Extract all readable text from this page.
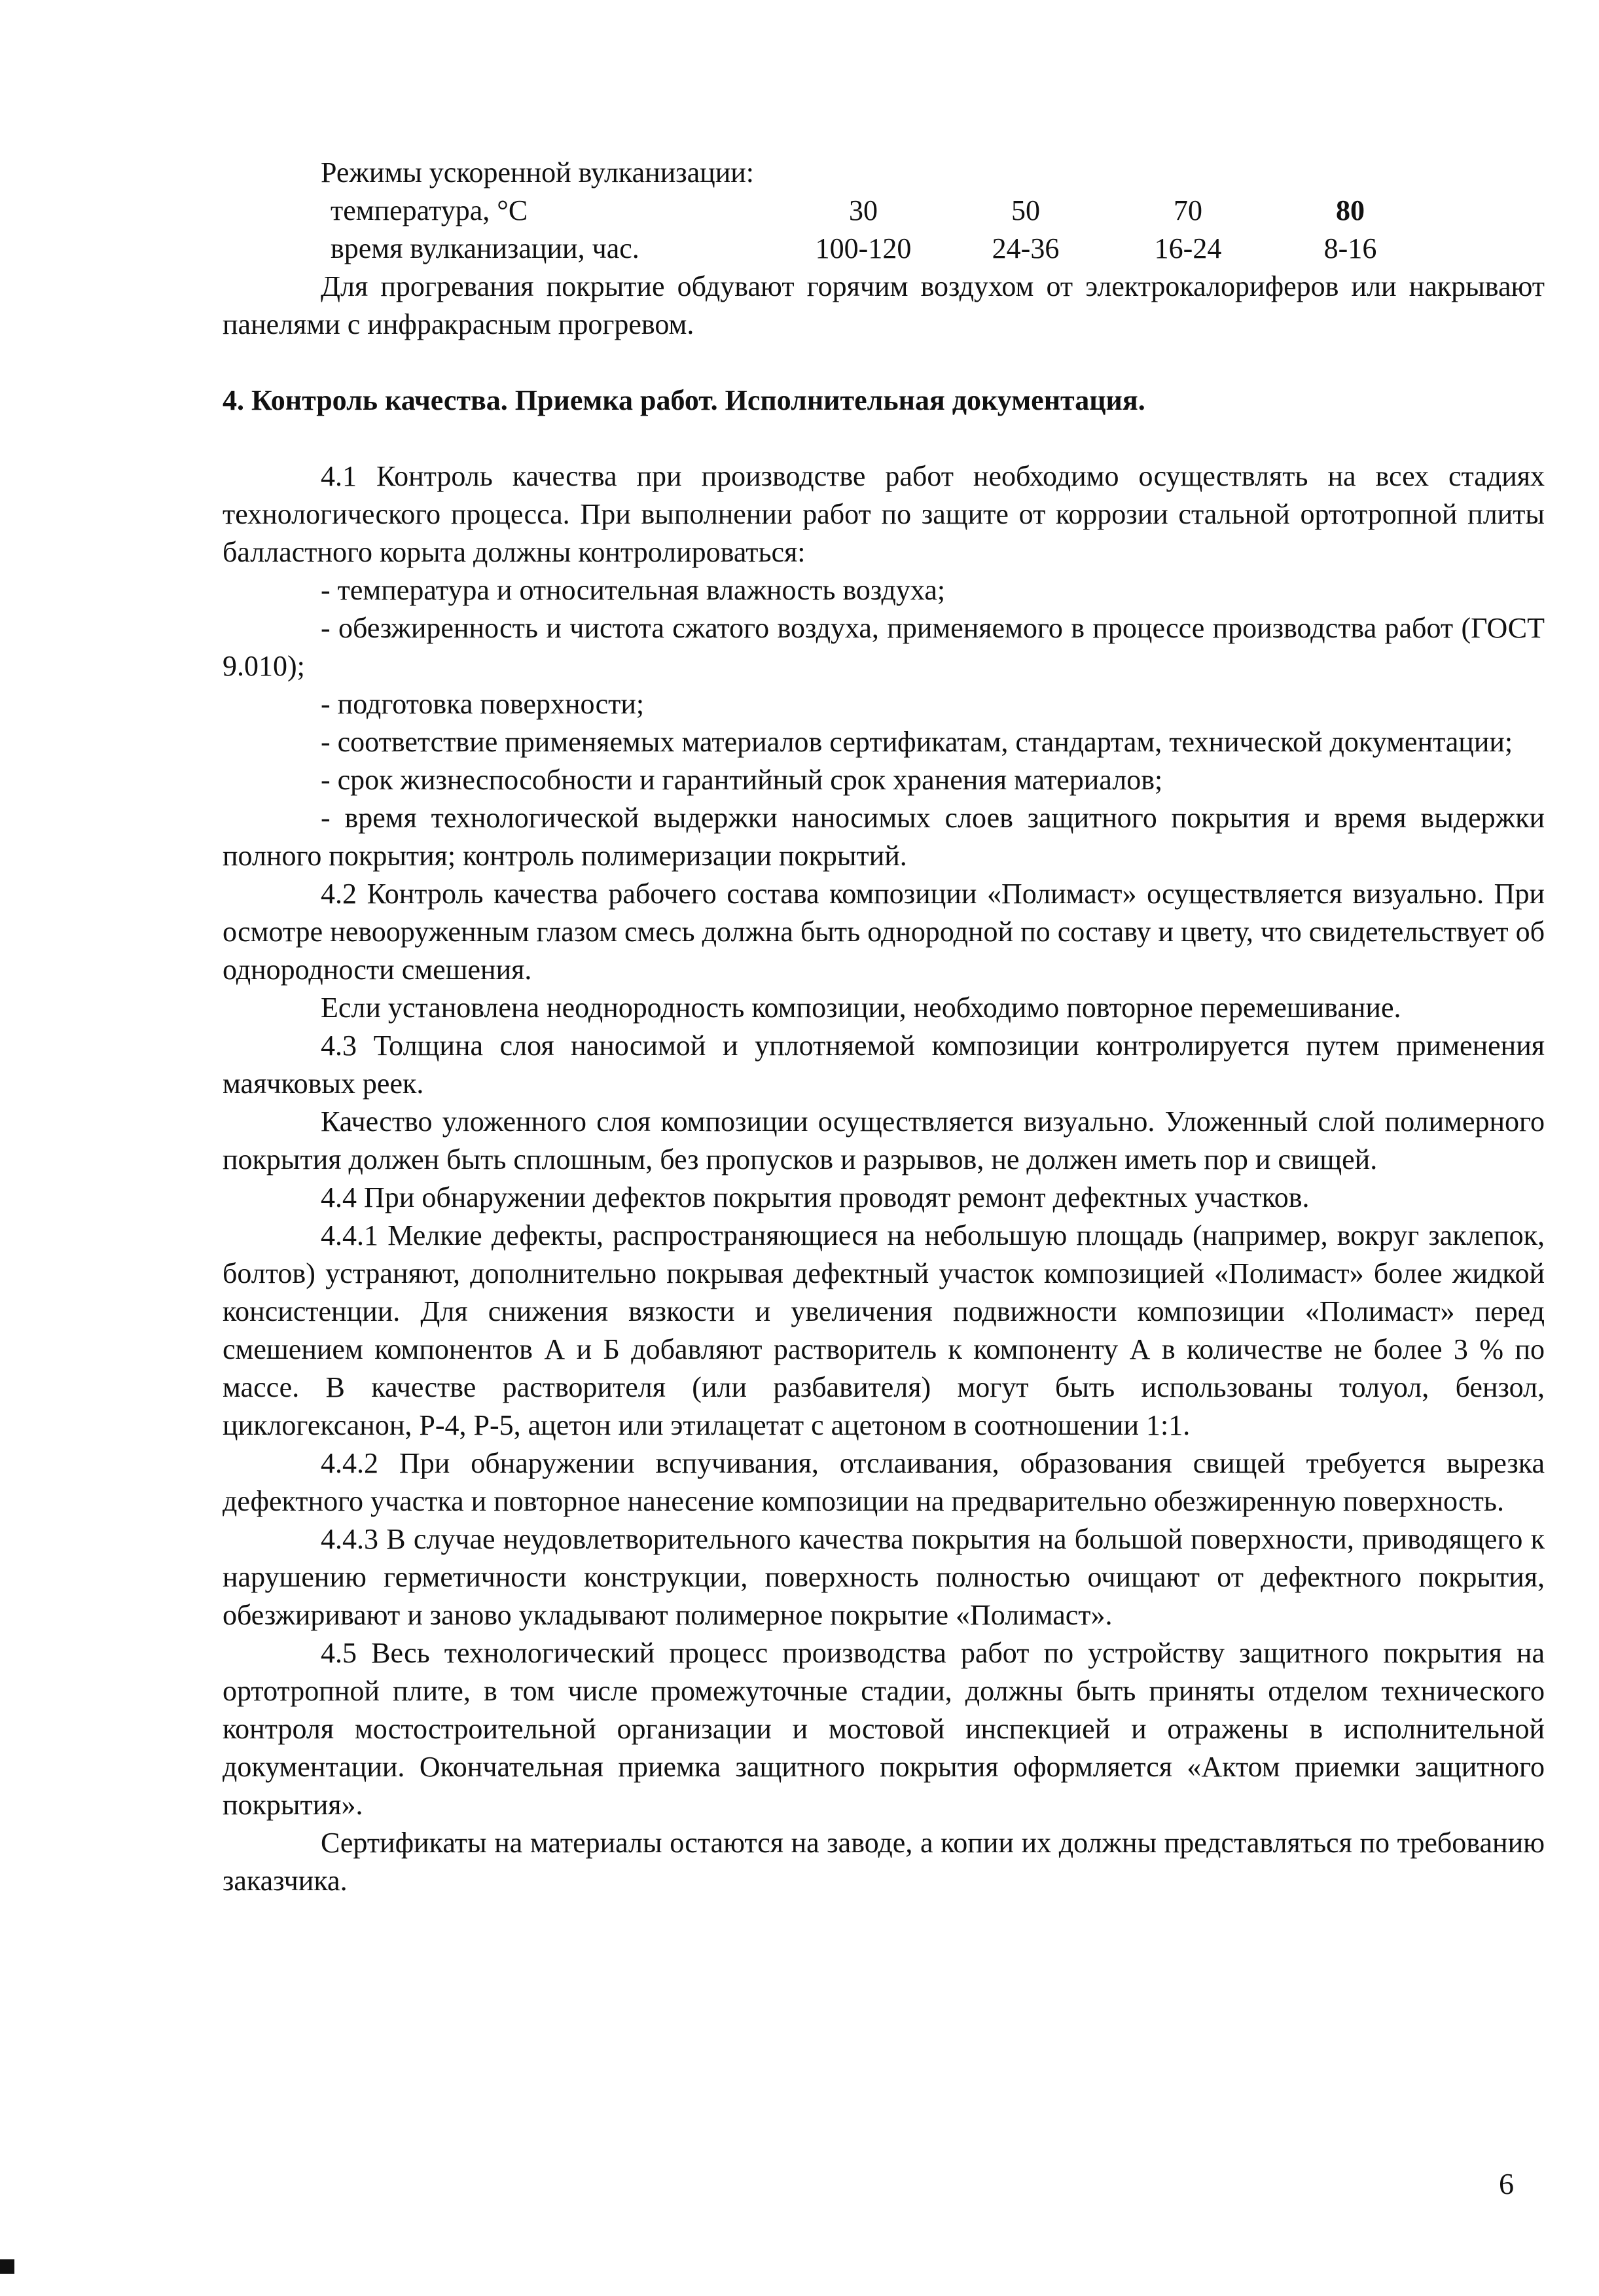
Режимы ускоренной вулканизации:

температура, °С	30	50	70	80
время вулканизации, час.	100-120	24-36	16-24	8-16

Для прогревания покрытие обдувают горячим воздухом от электрокалориферов или накрывают панелями с инфракрасным прогревом.

4. Контроль качества. Приемка работ. Исполнительная документация.

4.1 Контроль качества при производстве работ необходимо осуществлять на всех стадиях технологического процесса. При выполнении работ по защите от коррозии стальной ортотропной плиты балластного корыта должны контролироваться:

- температура и относительная влажность воздуха;

- обезжиренность и чистота сжатого воздуха, применяемого в процессе производства работ (ГОСТ 9.010);

- подготовка поверхности;

- соответствие применяемых материалов сертификатам, стандартам, технической документации;

- срок жизнеспособности и гарантийный срок хранения материалов;

- время технологической выдержки наносимых слоев защитного покрытия и время выдержки полного покрытия; контроль полимеризации покрытий.

4.2 Контроль качества рабочего состава композиции «Полимаст» осуществляется визуально. При осмотре невооруженным глазом смесь должна быть однородной по составу и цвету, что свидетельствует об однородности смешения.

Если установлена неоднородность композиции, необходимо повторное перемешивание.

4.3 Толщина слоя наносимой и уплотняемой композиции контролируется путем применения маячковых реек.

Качество уложенного слоя композиции осуществляется визуально. Уложенный слой полимерного покрытия должен быть сплошным, без пропусков и разрывов, не должен иметь пор и свищей.

4.4 При обнаружении дефектов покрытия проводят ремонт дефектных участков.

4.4.1 Мелкие дефекты, распространяющиеся на небольшую площадь (например, вокруг заклепок, болтов) устраняют, дополнительно покрывая дефектный участок композицией «Полимаст» более жидкой консистенции. Для снижения вязкости и увеличения подвижности композиции «Полимаст» перед смешением компонентов А и Б добавляют растворитель к компоненту А в количестве не более 3 % по массе. В качестве растворителя (или разбавителя) могут быть использованы толуол, бензол, циклогексанон, Р-4, Р-5, ацетон или этилацетат с ацетоном в соотношении 1:1.

4.4.2 При обнаружении вспучивания, отслаивания, образования свищей требуется вырезка дефектного участка и повторное нанесение композиции на предварительно обезжиренную поверхность.

4.4.3 В случае неудовлетворительного качества покрытия на большой поверхности, приводящего к нарушению герметичности конструкции, поверхность полностью очищают от дефектного покрытия, обезжиривают и заново укладывают полимерное покрытие «Полимаст».

4.5 Весь технологический процесс производства работ по устройству защитного покрытия на ортотропной плите, в том числе промежуточные стадии, должны быть приняты отделом технического контроля мостостроительной организации и мостовой инспекцией и отражены в исполнительной документации. Окончательная приемка защитного покрытия оформляется «Актом приемки защитного покрытия».

Сертификаты на материалы остаются на заводе, а копии их должны представляться по требованию заказчика.

6
